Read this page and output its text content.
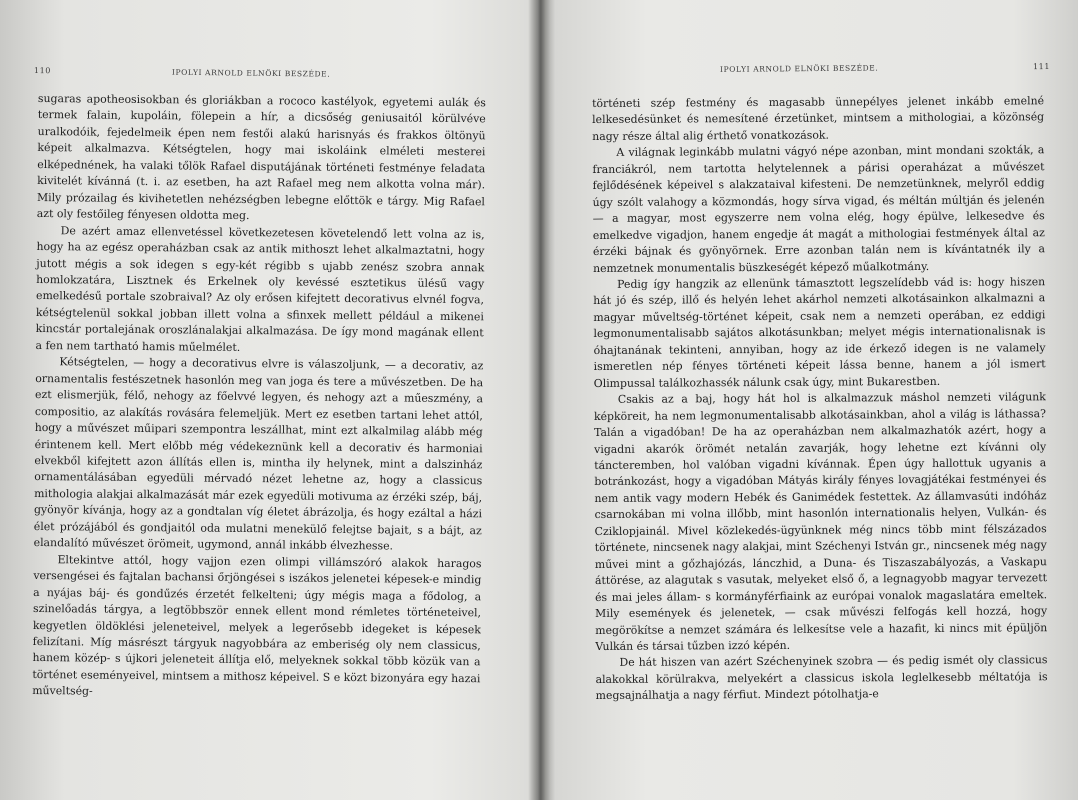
110	IPOLYI ARNOLD ELNÖKI BESZÉDE.

sugaras apotheosisokban és gloriákban a rococo kastélyok, egyetemi aulák és termek falain, kupoláin, fölepein a hír, a dicsőség geniusaitól körülvéve uralkodóik, fejedelmeik épen nem festői alakú harisnyás és frakkos öltönyü képeit alkalmazva. Kétségtelen, hogy mai iskoláink elméleti mesterei elképednének, ha valaki tőlök Rafael disputájának történeti festménye feladata kivitelét kívánná (t. i. az esetben, ha azt Rafael meg nem alkotta volna már). Mily prózailag és kivihetetlen nehézségben lebegne előttök e tárgy. Mig Rafael azt oly festőileg fényesen oldotta meg.

De azért amaz ellenvetéssel következetesen követelendő lett volna az is, hogy ha az egész operaházban csak az antik mithoszt lehet alkalmaztatni, hogy jutott mégis a sok idegen s egy-két régibb s ujabb zenész szobra annak homlokzatára, Lisztnek és Erkelnek oly kevéssé esztetikus ülésű vagy emelkedésű portale szobraival? Az oly erősen kifejtett decorativus elvnél fogva, kétségtelenül sokkal jobban illett volna a sfinxek mellett például a mikenei kincstár portalejának oroszlánalakjai alkalmazása. De így mond magának ellent a fen nem tartható hamis műelmélet.

Kétségtelen, — hogy a decorativus elvre is válaszoljunk, — a decorativ, az ornamentalis festészetnek hasonlón meg van joga és tere a művészetben. De ha ezt elismerjük, félő, nehogy az főelvvé legyen, és nehogy azt a műeszmény, a compositio, az alakítás rovására felemeljük. Mert ez esetben tartani lehet attól, hogy a művészet műipari szempontra leszállhat, mint ezt alkalmilag alább még érintenem kell. Mert előbb még védekeznünk kell a decorativ és harmoniai elvekből kifejtett azon állítás ellen is, mintha ily helynek, mint a dalszinház ornamentálásában egyedüli mérvadó nézet lehetne az, hogy a classicus mithologia alakjai alkalmazását már ezek egyedüli motivuma az érzéki szép, báj, gyönyör kívánja, hogy az a gondtalan víg életet ábrázolja, és hogy ezáltal a házi élet prózájából és gondjaitól oda mulatni menekülő felejtse bajait, s a bájt, az elandalító művészet örömeit, ugymond, annál inkább élvezhesse.

Eltekintve attól, hogy vajjon ezen olimpi villámszóró alakok haragos versengései és fajtalan bachansi őrjöngései s iszákos jelenetei képesek-e mindig a nyájas báj- és gondűzés érzetét felkelteni; úgy mégis maga a fődolog, a szinelőadás tárgya, a legtöbbször ennek ellent mond rémletes történeteivel, kegyetlen öldöklési jeleneteivel, melyek a legerősebb idegeket is képesek felizítani. Míg másrészt tárgyuk nagyobbára az emberiség oly nem classicus, hanem közép- s újkori jeleneteit állítja elő, melyeknek sokkal több közük van a történet eseményeivel, mintsem a mithosz képeivel. S e közt bizonyára egy hazai műveltség-

IPOLYI ARNOLD ELNÖKI BESZÉDE.	111

történeti szép festmény és magasabb ünnepélyes jelenet inkább emelné lelkesedésünket és nemesítené érzetünket, mintsem a mithologiai, a közönség nagy része által alig érthető vonatkozások.

A világnak leginkább mulatni vágyó népe azonban, mint mondani szokták, a franciákról, nem tartotta helytelennek a párisi operaházat a művészet fejlődésének képeivel s alakzataival kifesteni. De nemzetünknek, melyről eddig úgy szólt valahogy a közmondás, hogy sírva vigad, és méltán múltján és jelenén — a magyar, most egyszerre nem volna elég, hogy épülve, lelkesedve és emelkedve vigadjon, hanem engedje át magát a mithologiai festmények által az érzéki bájnak és gyönyörnek. Erre azonban talán nem is kívántatnék ily a nemzetnek monumentalis büszkeségét képező műalkotmány.

Pedig így hangzik az ellenünk támasztott legszelídebb vád is: hogy hiszen hát jó és szép, illő és helyén lehet akárhol nemzeti alkotásainkon alkalmazni a magyar műveltség-történet képeit, csak nem a nemzeti operában, ez eddigi legmonumentalisabb sajátos alkotásunkban; melyet mégis internationalisnak is óhajtanának tekinteni, annyiban, hogy az ide érkező idegen is ne valamely ismeretlen nép fényes történeti képeit lássa benne, hanem a jól ismert Olimpussal találkozhassék nálunk csak úgy, mint Bukarestben.

Csakis az a baj, hogy hát hol is alkalmazzuk máshol nemzeti világunk képköreit, ha nem legmonumentalisabb alkotásainkban, ahol a világ is láthassa? Talán a vigadóban! De ha az operaházban nem alkalmazhatók azért, hogy a vigadni akarók örömét netalán zavarják, hogy lehetne ezt kívánni oly táncteremben, hol valóban vigadni kívánnak. Épen úgy hallottuk ugyanis a botránkozást, hogy a vigadóban Mátyás király fényes lovagjátékai festményei és nem antik vagy modern Hebék és Ganimédek festettek. Az államvasúti indóház csarnokában mi volna illőbb, mint hasonlón internationalis helyen, Vulkán- és Cziklopjainál. Mivel közlekedés-ügyünknek még nincs több mint félszázados története, nincsenek nagy alakjai, mint Széchenyi István gr., nincsenek még nagy művei mint a gőzhajózás, lánczhid, a Duna- és Tiszaszabályozás, a Vaskapu áttörése, az alagutak s vasutak, melyeket első ő, a legnagyobb magyar tervezett és mai jeles állam- s kormányférfiaink az európai vonalok magaslatára emeltek. Mily események és jelenetek, — csak művészi felfogás kell hozzá, hogy megörökítse a nemzet számára és lelkesítse vele a hazafit, ki nincs mit épüljön Vulkán és társai tűzben izzó képén.

De hát hiszen van azért Széchenyinek szobra — és pedig ismét oly classicus alakokkal körülrakva, melyekért a classicus iskola leglelkesebb méltatója is megsajnálhatja a nagy férfiut. Mindezt pótolhatja-e
